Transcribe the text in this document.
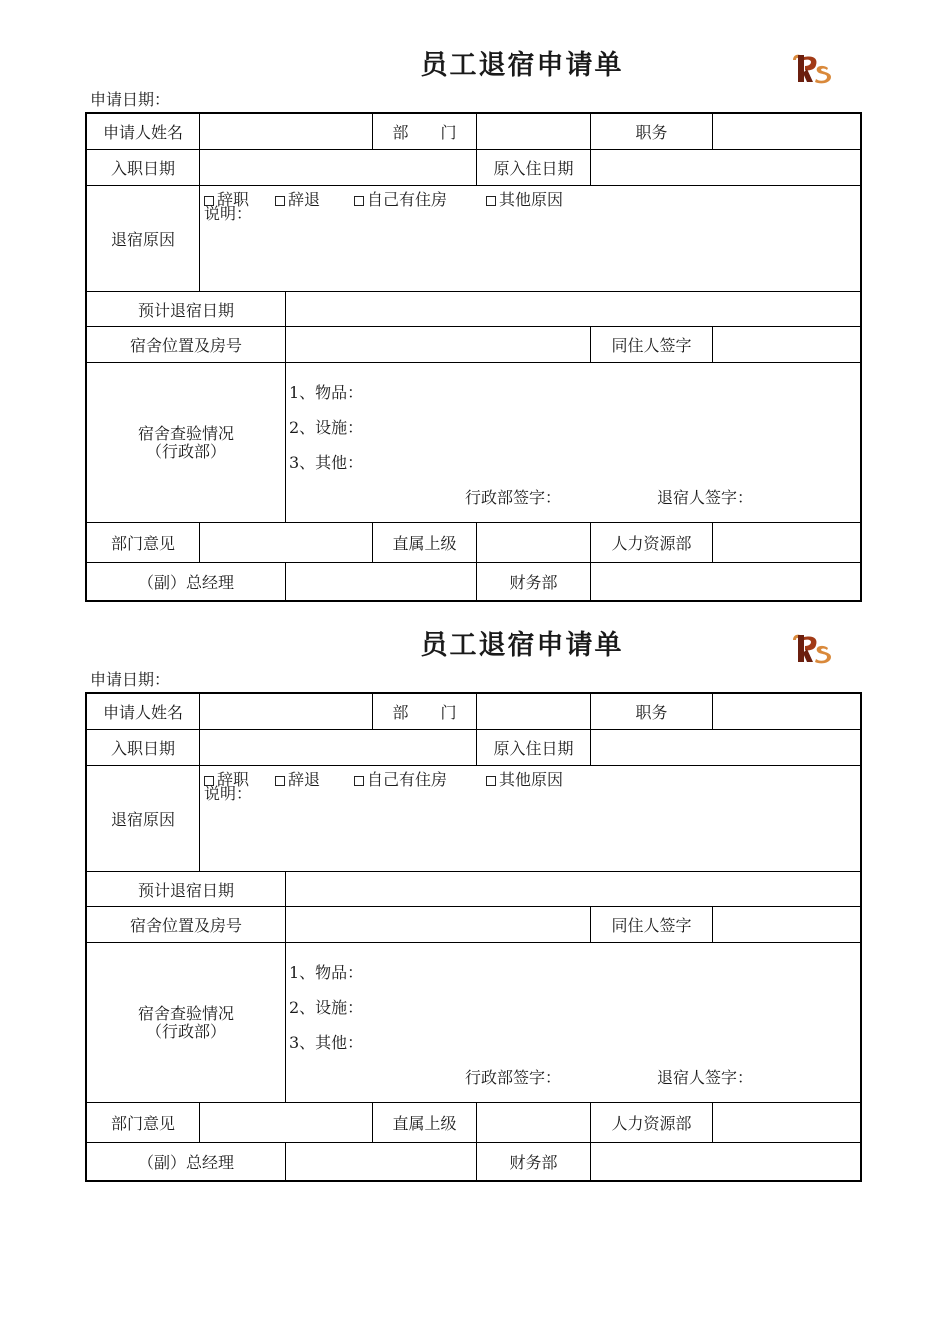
员工退宿申请单
申请日期：
申请人姓名	部　　门	职务
入职日期	原入住日期
退宿原因
辞职	辞退	自己有住房	其他原因
说明：
预计退宿日期
宿舍位置及房号	同住人签字
宿舍查验情况
（行政部）
1、物品：
2、设施：
3、其他：
行政部签字：	退宿人签字：
部门意见	直属上级	人力资源部
（副）总经理	财务部
员工退宿申请单
申请日期：
申请人姓名	部　　门	职务
入职日期	原入住日期
退宿原因
辞职	辞退	自己有住房	其他原因
说明：
预计退宿日期
宿舍位置及房号	同住人签字
宿舍查验情况
（行政部）
1、物品：
2、设施：
3、其他：
行政部签字：	退宿人签字：
部门意见	直属上级	人力资源部
（副）总经理	财务部
